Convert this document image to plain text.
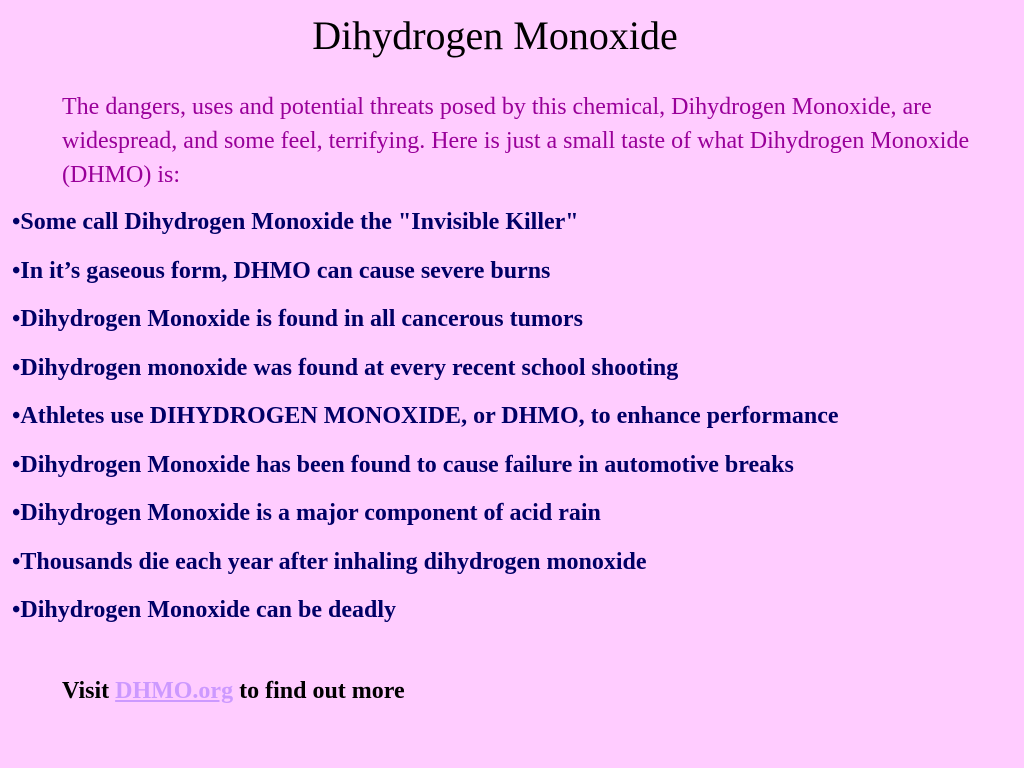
Dihydrogen Monoxide
The dangers, uses and potential threats posed by this chemical, Dihydrogen Monoxide, are widespread, and some feel, terrifying. Here is just a small taste of what Dihydrogen Monoxide (DHMO) is:
•Some call Dihydrogen Monoxide the "Invisible Killer"
•In it’s gaseous form, DHMO can cause severe burns
•Dihydrogen Monoxide is found in all cancerous tumors
•Dihydrogen monoxide was found at every recent school shooting
•Athletes use DIHYDROGEN MONOXIDE, or DHMO, to enhance performance
•Dihydrogen Monoxide has been found to cause failure in automotive breaks
•Dihydrogen Monoxide is a major component of acid rain
•Thousands die each year after inhaling dihydrogen monoxide
•Dihydrogen Monoxide can be deadly
Visit DHMO.org to find out more
